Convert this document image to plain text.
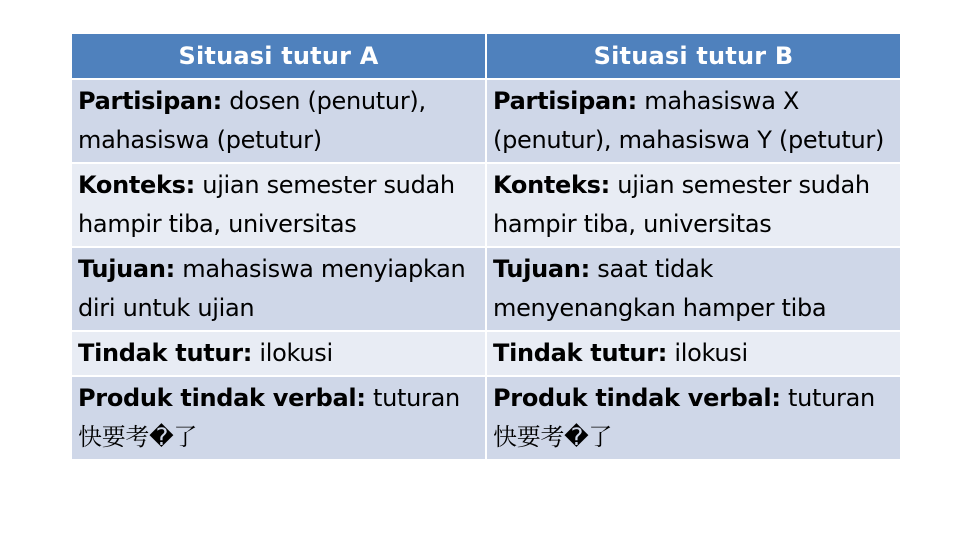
Situasi tutur A	Situasi tutur B
Partisipan: dosen (penutur), mahasiswa (petutur)	Partisipan: mahasiswa X (penutur), mahasiswa Y (petutur)
Konteks: ujian semester sudah hampir tiba, universitas	Konteks: ujian semester sudah hampir tiba, universitas
Tujuan: mahasiswa menyiapkan diri untuk ujian	Tujuan: saat tidak menyenangkan hamper tiba
Tindak tutur: ilokusi	Tindak tutur: ilokusi
Produk tindak verbal: tuturan 快要考�了	Produk tindak verbal: tuturan 快要考�了
